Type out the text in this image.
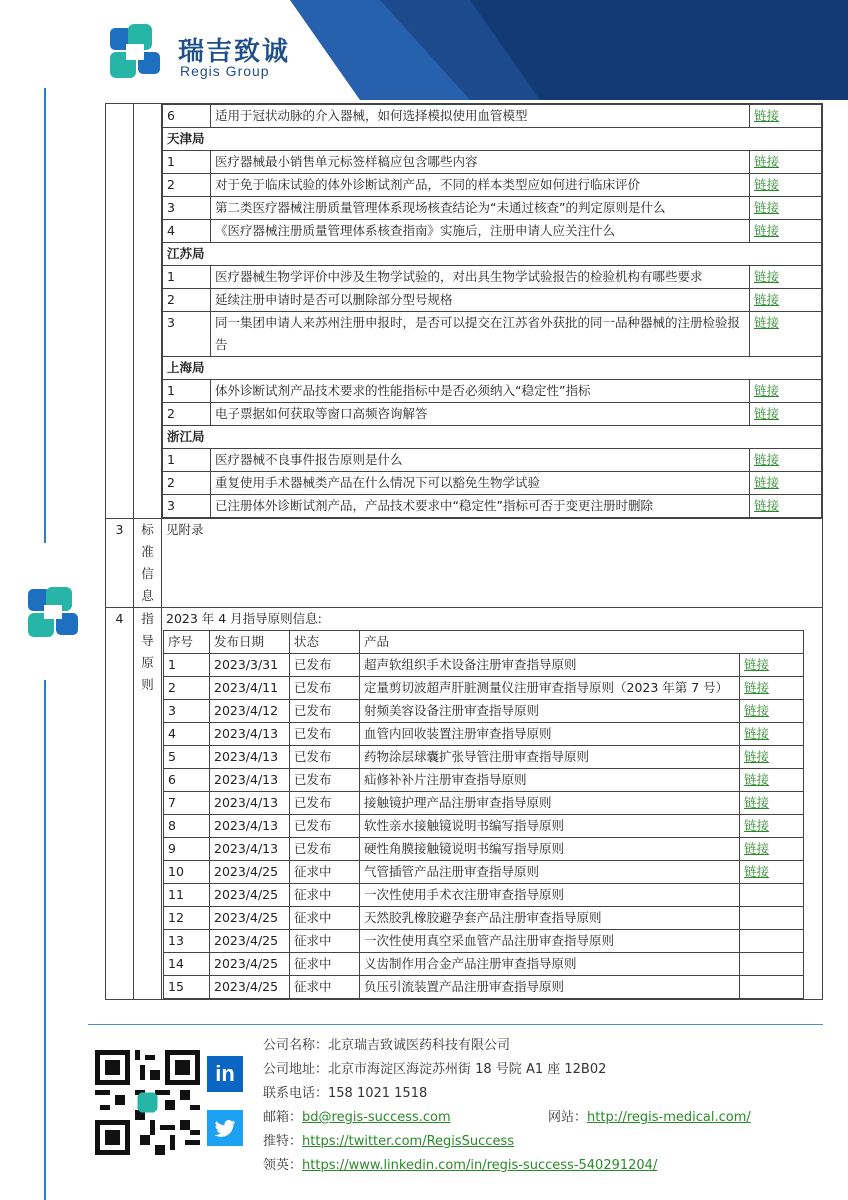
瑞吉致诚
Regis Group

6	适用于冠状动脉的介入器械，如何选择模拟使用血管模型	链接
天津局
1	医疗器械最小销售单元标签样稿应包含哪些内容	链接
2	对于免于临床试验的体外诊断试剂产品，不同的样本类型应如何进行临床评价	链接
3	第二类医疗器械注册质量管理体系现场核查结论为“未通过核查”的判定原则是什么	链接
4	《医疗器械注册质量管理体系核查指南》实施后，注册申请人应关注什么	链接
江苏局
1	医疗器械生物学评价中涉及生物学试验的，对出具生物学试验报告的检验机构有哪些要求	链接
2	延续注册申请时是否可以删除部分型号规格	链接
3	同一集团申请人来苏州注册申报时，是否可以提交在江苏省外获批的同一品种器械的注册检验报告	链接
上海局
1	体外诊断试剂产品技术要求的性能指标中是否必须纳入“稳定性”指标	链接
2	电子票据如何获取等窗口高频咨询解答	链接
浙江局
1	医疗器械不良事件报告原则是什么	链接
2	重复使用手术器械类产品在什么情况下可以豁免生物学试验	链接
3	已注册体外诊断试剂产品，产品技术要求中“稳定性”指标可否于变更注册时删除	链接

3	标
准
信
息
	见附录
4	指
导
原
则

2023 年 4 月指导原则信息:
序号	发布日期	状态	产品
1	2023/3/31	已发布	超声软组织手术设备注册审查指导原则	链接
2	2023/4/11	已发布	定量剪切波超声肝脏测量仪注册审查指导原则（2023 年第 7 号）	链接
3	2023/4/12	已发布	射频美容设备注册审查指导原则	链接
4	2023/4/13	已发布	血管内回收装置注册审查指导原则	链接
5	2023/4/13	已发布	药物涂层球囊扩张导管注册审查指导原则	链接
6	2023/4/13	已发布	疝修补补片注册审查指导原则	链接
7	2023/4/13	已发布	接触镜护理产品注册审查指导原则	链接
8	2023/4/13	已发布	软性亲水接触镜说明书编写指导原则	链接
9	2023/4/13	已发布	硬性角膜接触镜说明书编写指导原则	链接
10	2023/4/25	征求中	气管插管产品注册审查指导原则	链接
11	2023/4/25	征求中	一次性使用手术衣注册审查指导原则	
12	2023/4/25	征求中	天然胶乳橡胶避孕套产品注册审查指导原则	
13	2023/4/25	征求中	一次性使用真空采血管产品注册审查指导原则	
14	2023/4/25	征求中	义齿制作用合金产品注册审查指导原则	
15	2023/4/25	征求中	负压引流装置产品注册审查指导原则	
in
公司名称：北京瑞吉致诚医药科技有限公司
公司地址：北京市海淀区海淀苏州街 18 号院 A1 座 12B02
联系电话：158 1021 1518
邮箱：bd@regis-success.com	网站：http://regis-medical.com/
推特：https://twitter.com/RegisSuccess
领英：https://www.linkedin.com/in/regis-success-540291204/
